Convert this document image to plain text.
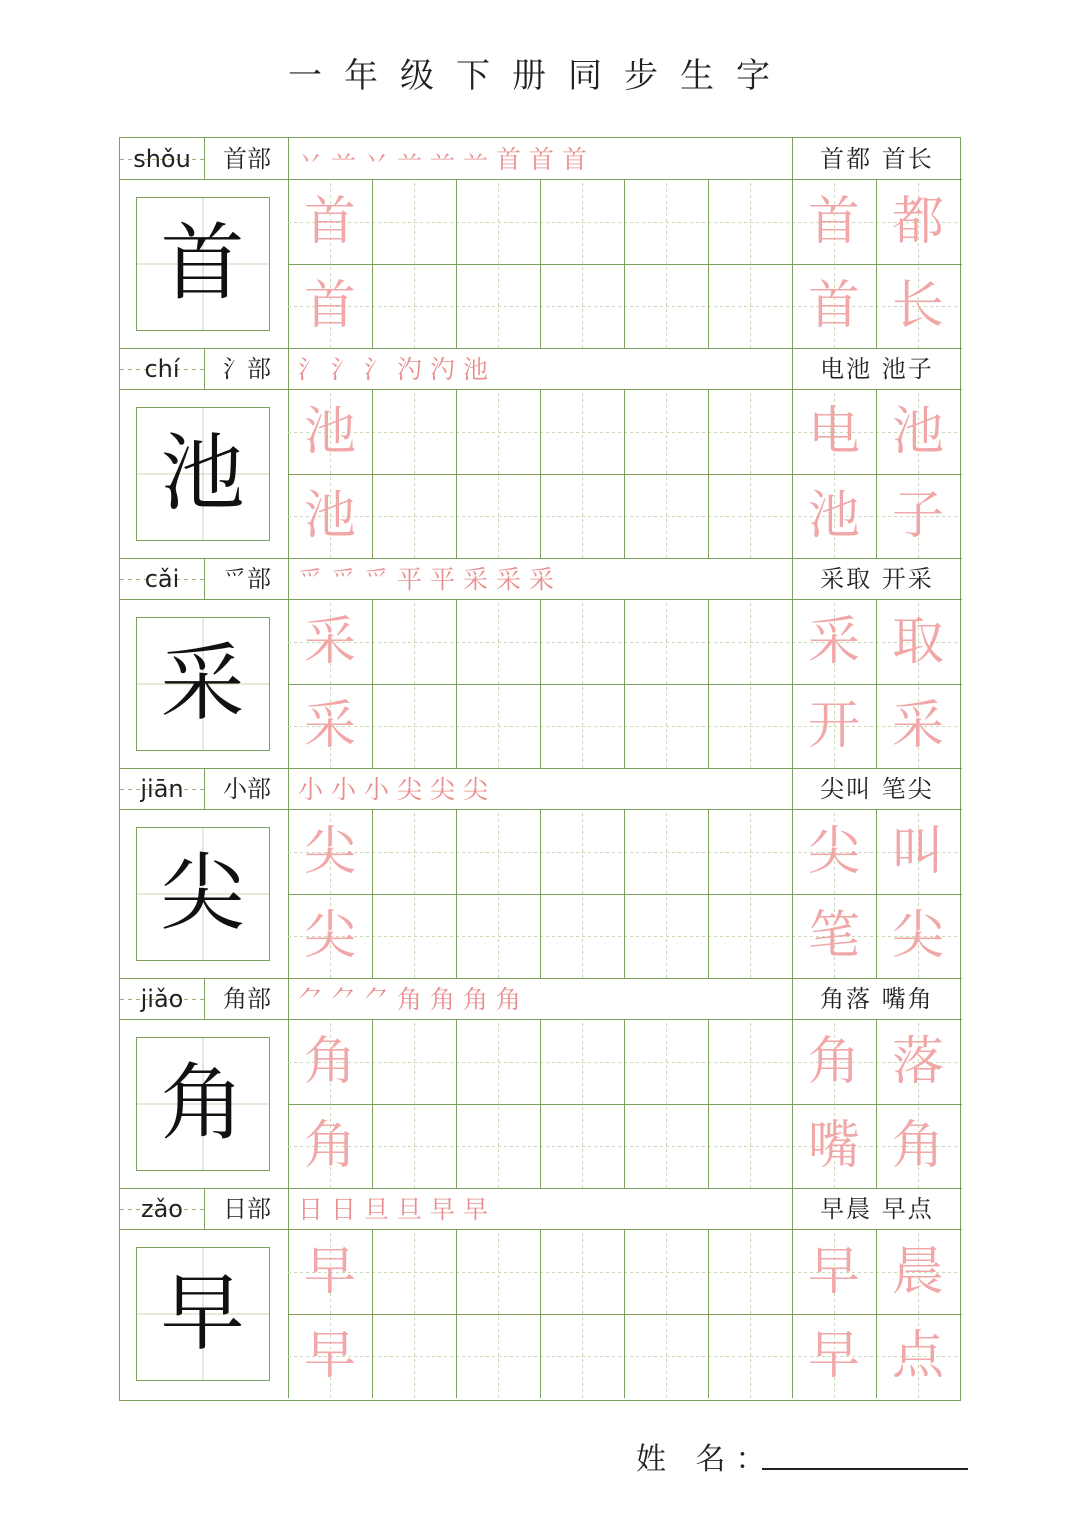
一年级下册同步生字
shǒu	首部	丷䒑丷䒑䒑䒑首首首	首都 首长
首	首	首 都
首	首 长
chí	氵部	氵氵氵汋汋池	电池 池子
池	池	电 池
池	池 子
cǎi	爫部	爫爫爫平平采采采	采取 开采
采	采	采 取
采	开 采
jiān	小部	小小小尖尖尖	尖叫 笔尖
尖	尖	尖 叫
尖	笔 尖
jiǎo	角部	⺈⺈⺈角角角角	角落 嘴角
角	角	角 落
角	嘴 角
zǎo	日部	日日旦旦早早	早晨 早点
早	早	早 晨
早	早 点
姓 名：
